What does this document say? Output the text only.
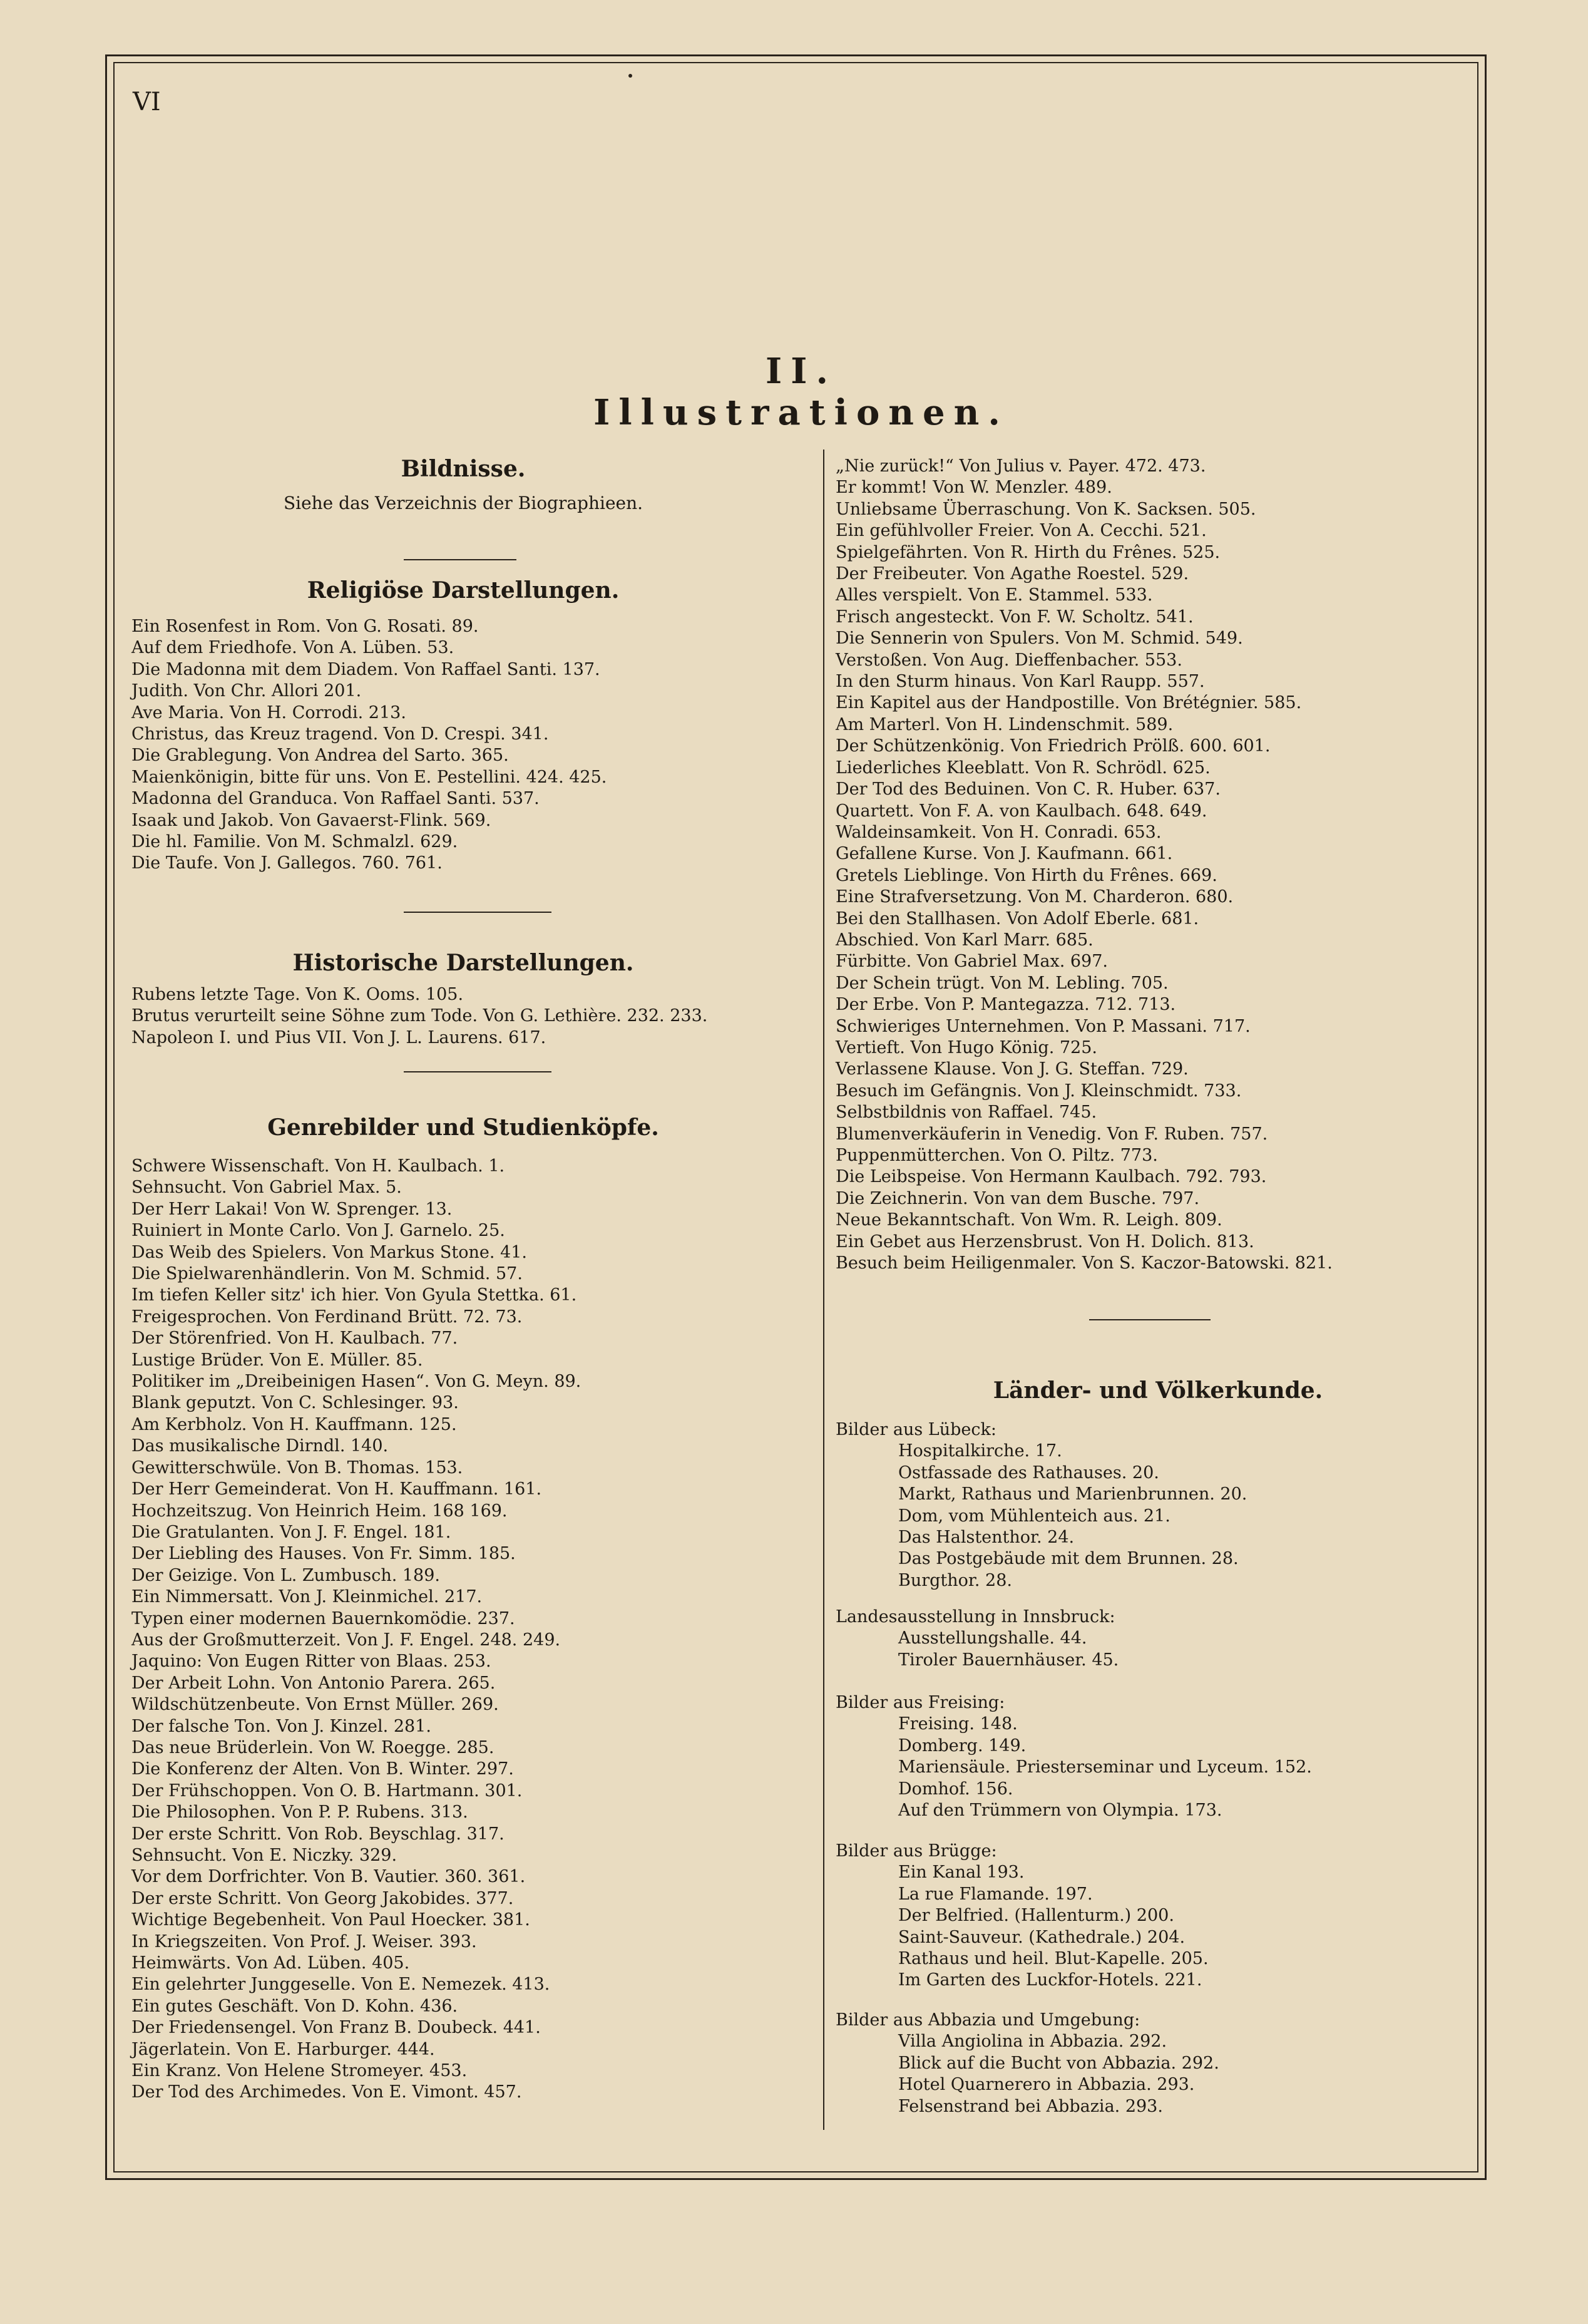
VI
II. Illustrationen.
Bildnisse.
Siehe das Verzeichnis der Biographieen.
Religiöse Darstellungen.
Ein Rosenfest in Rom. Von G. Rosati. 89.
Auf dem Friedhofe. Von A. Lüben. 53.
Die Madonna mit dem Diadem. Von Raffael Santi. 137.
Judith. Von Chr. Allori 201.
Ave Maria. Von H. Corrodi. 213.
Christus, das Kreuz tragend. Von D. Crespi. 341.
Die Grablegung. Von Andrea del Sarto. 365.
Maienkönigin, bitte für uns. Von E. Pestellini. 424. 425.
Madonna del Granduca. Von Raffael Santi. 537.
Isaak und Jakob. Von Gavaerst-Flink. 569.
Die hl. Familie. Von M. Schmalzl. 629.
Die Taufe. Von J. Gallegos. 760. 761.
Historische Darstellungen.
Rubens letzte Tage. Von K. Ooms. 105.
Brutus verurteilt seine Söhne zum Tode. Von G. Lethière. 232. 233.
Napoleon I. und Pius VII. Von J. L. Laurens. 617.
Genrebilder und Studienköpfe.
Schwere Wissenschaft. Von H. Kaulbach. 1.
Sehnsucht. Von Gabriel Max. 5.
Der Herr Lakai! Von W. Sprenger. 13.
Ruiniert in Monte Carlo. Von J. Garnelo. 25.
Das Weib des Spielers. Von Markus Stone. 41.
Die Spielwarenhändlerin. Von M. Schmid. 57.
Im tiefen Keller sitz' ich hier. Von Gyula Stettka. 61.
Freigesprochen. Von Ferdinand Brütt. 72. 73.
Der Störenfried. Von H. Kaulbach. 77.
Lustige Brüder. Von E. Müller. 85.
Politiker im „Dreibeinigen Hasen“. Von G. Meyn. 89.
Blank geputzt. Von C. Schlesinger. 93.
Am Kerbholz. Von H. Kauffmann. 125.
Das musikalische Dirndl. 140.
Gewitterschwüle. Von B. Thomas. 153.
Der Herr Gemeinderat. Von H. Kauffmann. 161.
Hochzeitszug. Von Heinrich Heim. 168 169.
Die Gratulanten. Von J. F. Engel. 181.
Der Liebling des Hauses. Von Fr. Simm. 185.
Der Geizige. Von L. Zumbusch. 189.
Ein Nimmersatt. Von J. Kleinmichel. 217.
Typen einer modernen Bauernkomödie. 237.
Aus der Großmutterzeit. Von J. F. Engel. 248. 249.
Jaquino: Von Eugen Ritter von Blaas. 253.
Der Arbeit Lohn. Von Antonio Parera. 265.
Wildschützenbeute. Von Ernst Müller. 269.
Der falsche Ton. Von J. Kinzel. 281.
Das neue Brüderlein. Von W. Roegge. 285.
Die Konferenz der Alten. Von B. Winter. 297.
Der Frühschoppen. Von O. B. Hartmann. 301.
Die Philosophen. Von P. P. Rubens. 313.
Der erste Schritt. Von Rob. Beyschlag. 317.
Sehnsucht. Von E. Niczky. 329.
Vor dem Dorfrichter. Von B. Vautier. 360. 361.
Der erste Schritt. Von Georg Jakobides. 377.
Wichtige Begebenheit. Von Paul Hoecker. 381.
In Kriegszeiten. Von Prof. J. Weiser. 393.
Heimwärts. Von Ad. Lüben. 405.
Ein gelehrter Junggeselle. Von E. Nemezek. 413.
Ein gutes Geschäft. Von D. Kohn. 436.
Der Friedensengel. Von Franz B. Doubeck. 441.
Jägerlatein. Von E. Harburger. 444.
Ein Kranz. Von Helene Stromeyer. 453.
Der Tod des Archimedes. Von E. Vimont. 457.
„Nie zurück!“ Von Julius v. Payer. 472. 473.
Er kommt! Von W. Menzler. 489.
Unliebsame Überraschung. Von K. Sacksen. 505.
Ein gefühlvoller Freier. Von A. Cecchi. 521.
Spielgefährten. Von R. Hirth du Frênes. 525.
Der Freibeuter. Von Agathe Roestel. 529.
Alles verspielt. Von E. Stammel. 533.
Frisch angesteckt. Von F. W. Scholtz. 541.
Die Sennerin von Spulers. Von M. Schmid. 549.
Verstoßen. Von Aug. Dieffenbacher. 553.
In den Sturm hinaus. Von Karl Raupp. 557.
Ein Kapitel aus der Handpostille. Von Brétégnier. 585.
Am Marterl. Von H. Lindenschmit. 589.
Der Schützenkönig. Von Friedrich Prölß. 600. 601.
Liederliches Kleeblatt. Von R. Schrödl. 625.
Der Tod des Beduinen. Von C. R. Huber. 637.
Quartett. Von F. A. von Kaulbach. 648. 649.
Waldeinsamkeit. Von H. Conradi. 653.
Gefallene Kurse. Von J. Kaufmann. 661.
Gretels Lieblinge. Von Hirth du Frênes. 669.
Eine Strafversetzung. Von M. Charderon. 680.
Bei den Stallhasen. Von Adolf Eberle. 681.
Abschied. Von Karl Marr. 685.
Fürbitte. Von Gabriel Max. 697.
Der Schein trügt. Von M. Lebling. 705.
Der Erbe. Von P. Mantegazza. 712. 713.
Schwieriges Unternehmen. Von P. Massani. 717.
Vertieft. Von Hugo König. 725.
Verlassene Klause. Von J. G. Steffan. 729.
Besuch im Gefängnis. Von J. Kleinschmidt. 733.
Selbstbildnis von Raffael. 745.
Blumenverkäuferin in Venedig. Von F. Ruben. 757.
Puppenmütterchen. Von O. Piltz. 773.
Die Leibspeise. Von Hermann Kaulbach. 792. 793.
Die Zeichnerin. Von van dem Busche. 797.
Neue Bekanntschaft. Von Wm. R. Leigh. 809.
Ein Gebet aus Herzensbrust. Von H. Dolich. 813.
Besuch beim Heiligenmaler. Von S. Kaczor-Batowski. 821.
Länder- und Völkerkunde.
Bilder aus Lübeck:
Hospitalkirche. 17.
Ostfassade des Rathauses. 20.
Markt, Rathaus und Marienbrunnen. 20.
Dom, vom Mühlenteich aus. 21.
Das Halstenthor. 24.
Das Postgebäude mit dem Brunnen. 28.
Burgthor. 28.
Landesausstellung in Innsbruck:
Ausstellungshalle. 44.
Tiroler Bauernhäuser. 45.
Bilder aus Freising:
Freising. 148.
Domberg. 149.
Mariensäule. Priesterseminar und Lyceum. 152.
Domhof. 156.
Auf den Trümmern von Olympia. 173.
Bilder aus Brügge:
Ein Kanal 193.
La rue Flamande. 197.
Der Belfried. (Hallenturm.) 200.
Saint-Sauveur. (Kathedrale.) 204.
Rathaus und heil. Blut-Kapelle. 205.
Im Garten des Luckfor-Hotels. 221.
Bilder aus Abbazia und Umgebung:
Villa Angiolina in Abbazia. 292.
Blick auf die Bucht von Abbazia. 292.
Hotel Quarnerero in Abbazia. 293.
Felsenstrand bei Abbazia. 293.
